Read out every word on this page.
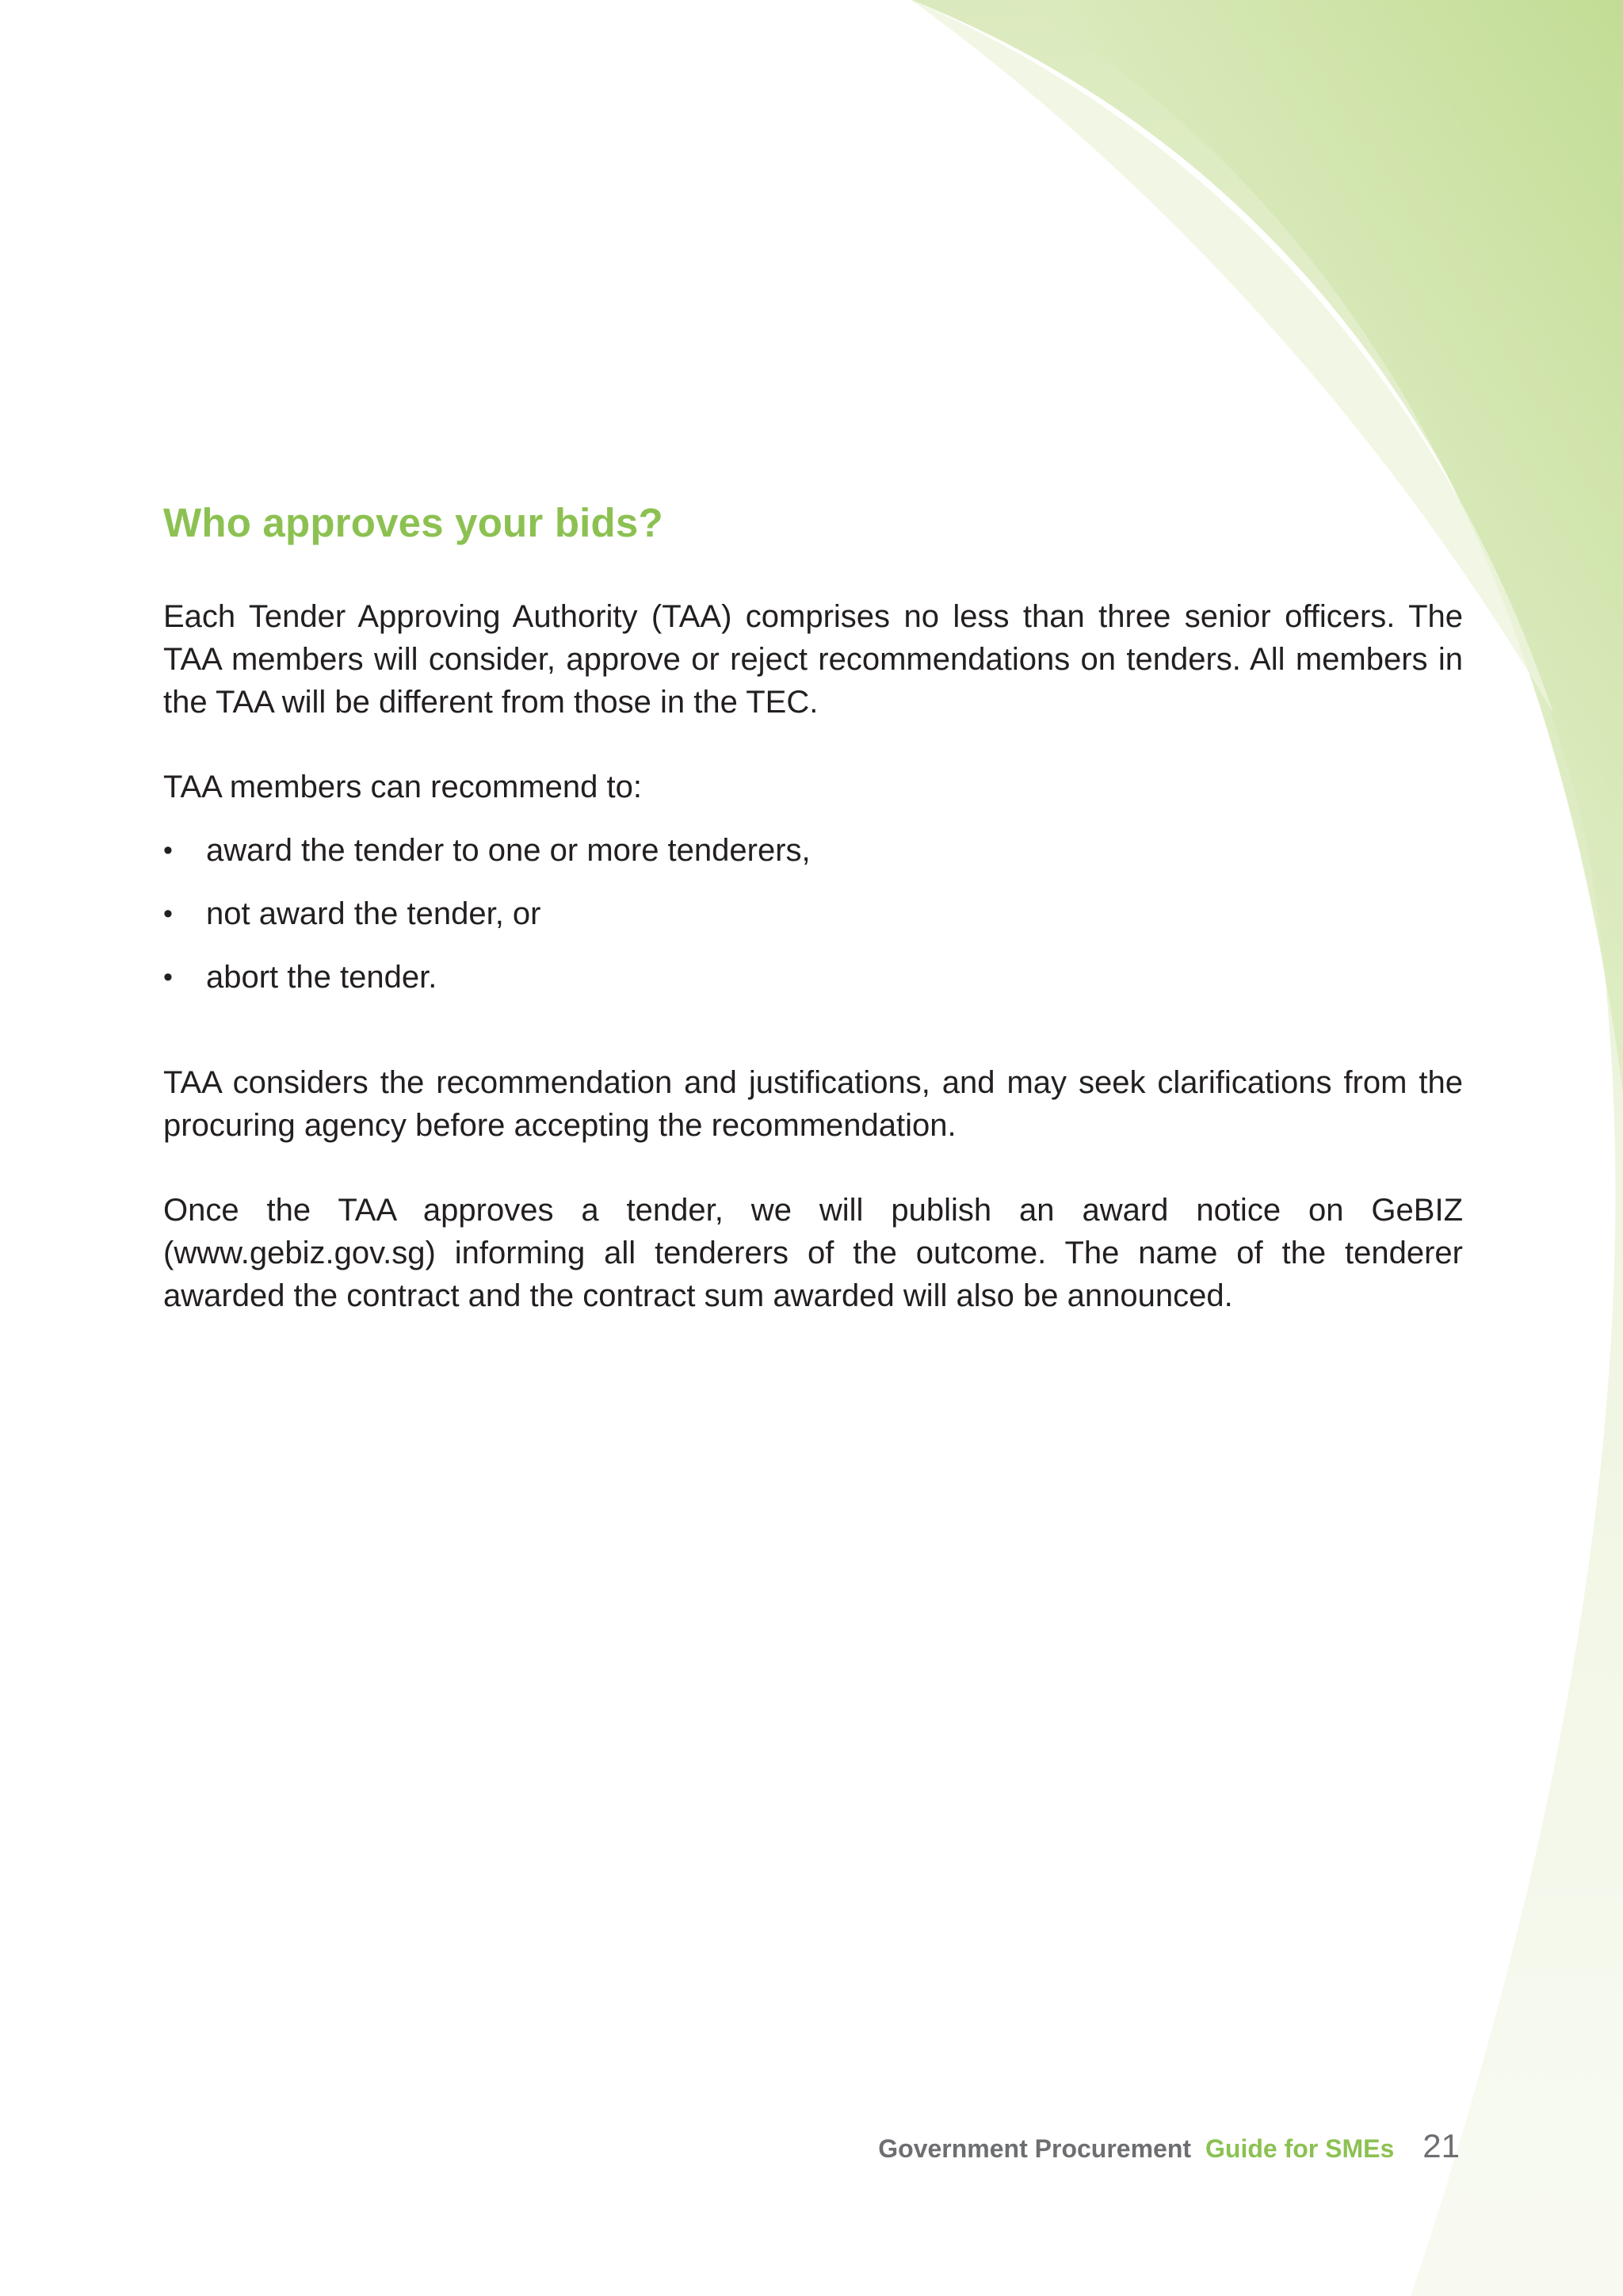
Who approves your bids?

Each Tender Approving Authority (TAA) comprises no less than three senior officers. The TAA members will consider, approve or reject recommendations on tenders. All members in the TAA will be different from those in the TEC.

TAA members can recommend to:

• award the tender to one or more tenderers,
• not award the tender, or
• abort the tender.

TAA considers the recommendation and justifications, and may seek clarifications from the procuring agency before accepting the recommendation.

Once the TAA approves a tender, we will publish an award notice on GeBIZ (www.gebiz.gov.sg) informing all tenderers of the outcome. The name of the tenderer awarded the contract and the contract sum awarded will also be announced.

Government Procurement Guide for SMEs 21
